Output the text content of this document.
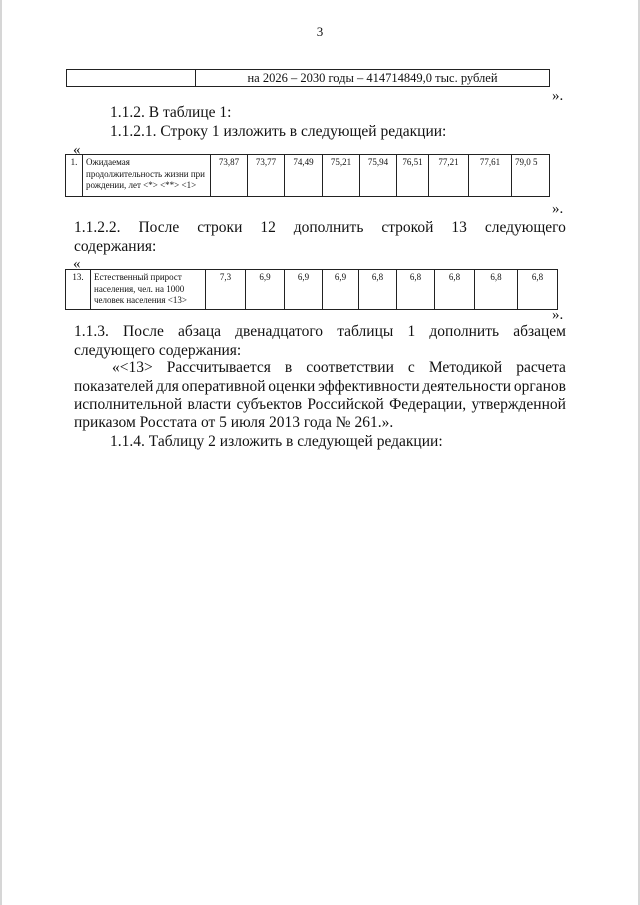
3
на 2026 – 2030 годы – 414714849,0 тыс. рублей
».
1.1.2. В таблице 1:
1.1.2.1. Строку 1 изложить в следующей редакции:
«
1.	Ожидаемая продолжительность жизни при рождении, лет <*> <**> <1>	73,87	73,77	74,49	75,21	75,94	76,51	77,21	77,61	79,0 5
».
1.1.2.2. После строки 12 дополнить строкой 13 следующего
содержания:
«
13.	Естественный прирост населения, чел. на 1000 человек населения <13>	7,3	6,9	6,9	6,9	6,8	6,8	6,8	6,8	6,8
».
1.1.3. После абзаца двенадцатого таблицы 1 дополнить абзацем
следующего содержания:
«<13> Рассчитывается в соответствии с Методикой расчета
показателей для оперативной оценки эффективности деятельности органов
исполнительной власти субъектов Российской Федерации, утвержденной
приказом Росстата от 5 июля 2013 года № 261.».
1.1.4. Таблицу 2 изложить в следующей редакции:
